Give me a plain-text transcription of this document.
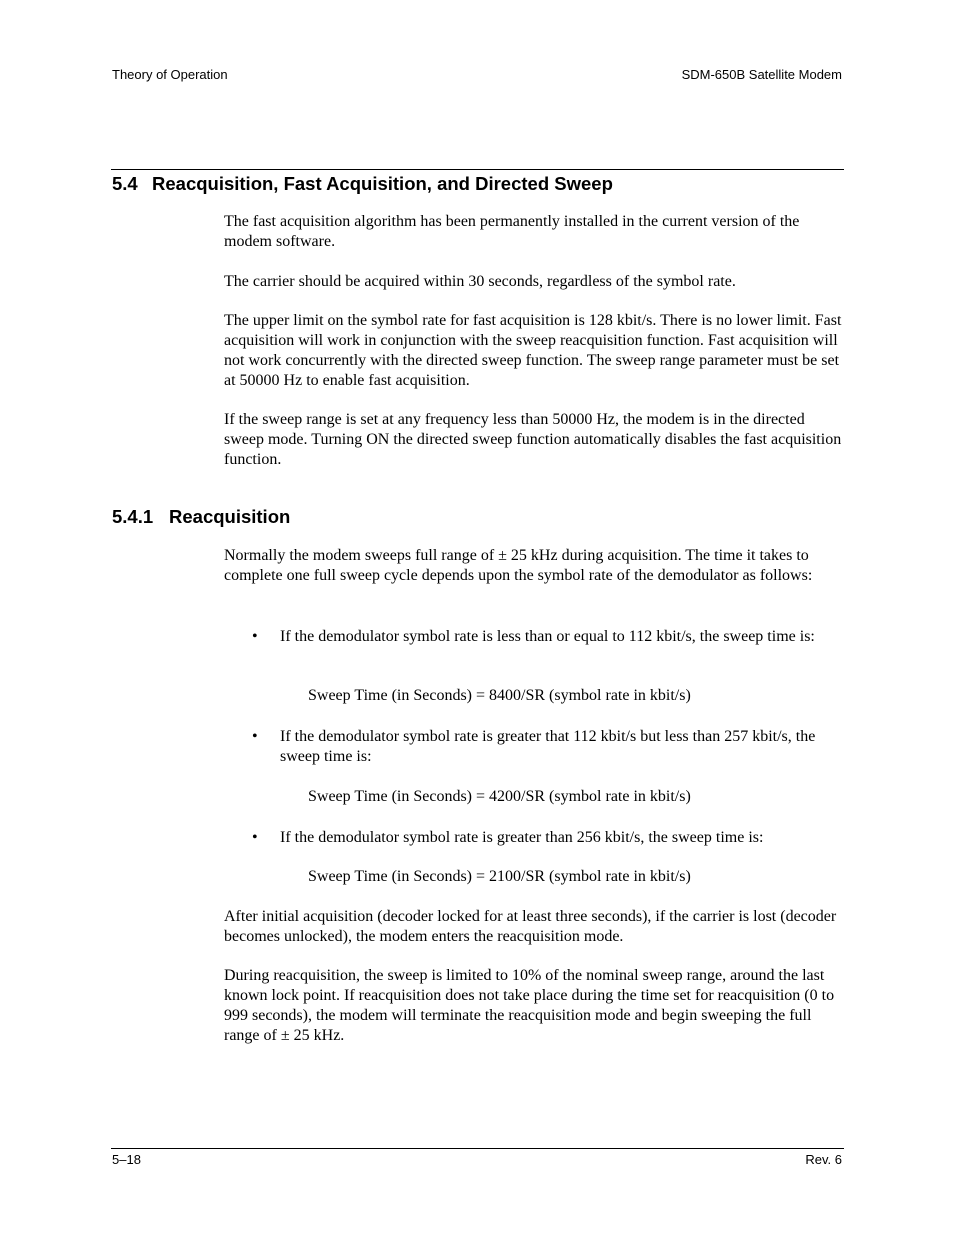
Theory of Operation	SDM-650B Satellite Modem
5.4 Reacquisition, Fast Acquisition, and Directed Sweep

The fast acquisition algorithm has been permanently installed in the current version of the modem software.

The carrier should be acquired within 30 seconds, regardless of the symbol rate.

The upper limit on the symbol rate for fast acquisition is 128 kbit/s. There is no lower limit. Fast acquisition will work in conjunction with the sweep reacquisition function. Fast acquisition will not work concurrently with the directed sweep function. The sweep range parameter must be set at 50000 Hz to enable fast acquisition.

If the sweep range is set at any frequency less than 50000 Hz, the modem is in the directed sweep mode. Turning ON the directed sweep function automatically disables the fast acquisition function.

5.4.1 Reacquisition

Normally the modem sweeps full range of ± 25 kHz during acquisition. The time it takes to complete one full sweep cycle depends upon the symbol rate of the demodulator as follows:

• If the demodulator symbol rate is less than or equal to 112 kbit/s, the sweep time is:
Sweep Time (in Seconds) = 8400/SR (symbol rate in kbit/s)
• If the demodulator symbol rate is greater that 112 kbit/s but less than 257 kbit/s, the sweep time is:
Sweep Time (in Seconds) = 4200/SR (symbol rate in kbit/s)
• If the demodulator symbol rate is greater than 256 kbit/s, the sweep time is:
Sweep Time (in Seconds) = 2100/SR (symbol rate in kbit/s)

After initial acquisition (decoder locked for at least three seconds), if the carrier is lost (decoder becomes unlocked), the modem enters the reacquisition mode.

During reacquisition, the sweep is limited to 10% of the nominal sweep range, around the last known lock point. If reacquisition does not take place during the time set for reacquisition (0 to 999 seconds), the modem will terminate the reacquisition mode and begin sweeping the full range of ± 25 kHz.

5–18	Rev. 6
